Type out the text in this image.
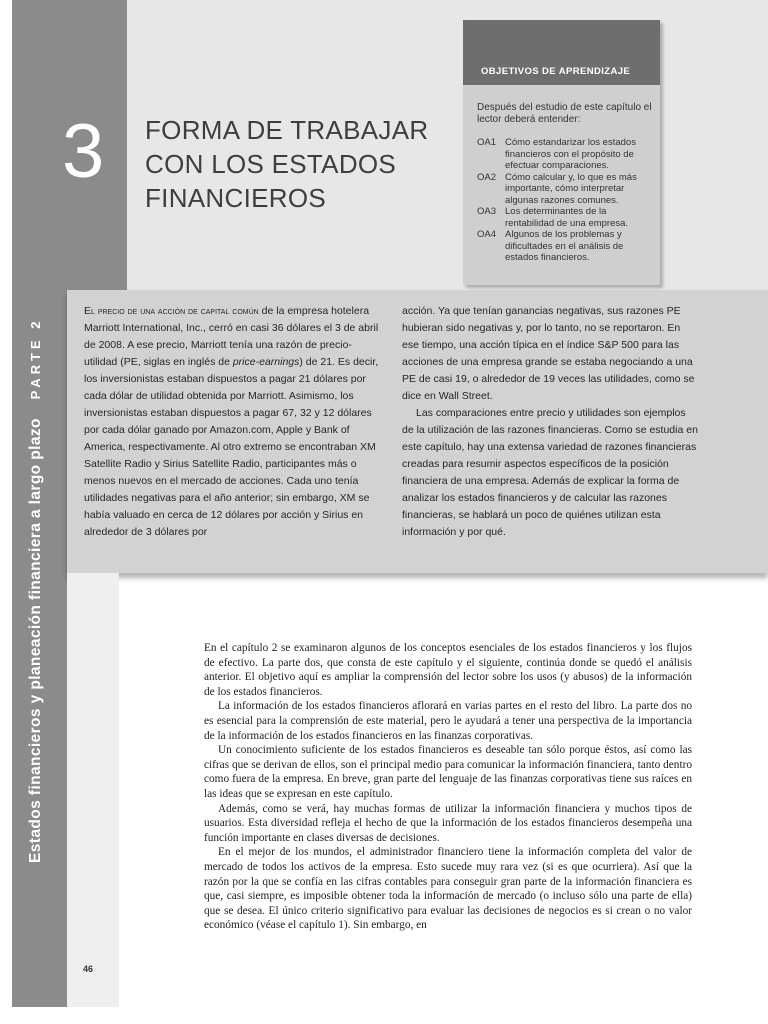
3 FORMA DE TRABAJAR
CON LOS ESTADOS
FINANCIEROS
OBJETIVOS DE APRENDIZAJE
Después del estudio de este capítulo el lector deberá entender:
OA1 Cómo estandarizar los estados financieros con el propósito de efectuar comparaciones.
OA2 Cómo calcular y, lo que es más importante, cómo interpretar algunas razones comunes.
OA3 Los determinantes de la rentabilidad de una empresa.
OA4 Algunos de los problemas y dificultades en el análisis de estados financieros.
Estados financieros y planeación financiera a largo plazo PARTE 2

El precio de una acción de capital común de la empresa hotelera Marriott International, Inc., cerró en casi 36 dólares el 3 de abril de 2008. A ese precio, Marriott tenía una razón de precio-utilidad (PE, siglas en inglés de price-earnings) de 21. Es decir, los inversionistas estaban dispuestos a pagar 21 dólares por cada dólar de utilidad obtenida por Marriott. Asimismo, los inversionistas estaban dispuestos a pagar 67, 32 y 12 dólares por cada dólar ganado por Amazon.com, Apple y Bank of America, respectivamente. Al otro extremo se encontraban XM Satellite Radio y Sirius Satellite Radio, participantes más o menos nuevos en el mercado de acciones. Cada uno tenía utilidades negativas para el año anterior; sin embargo, XM se había valuado en cerca de 12 dólares por acción y Sirius en alrededor de 3 dólares por

acción. Ya que tenían ganancias negativas, sus razones PE hubieran sido negativas y, por lo tanto, no se reportaron. En ese tiempo, una acción típica en el índice S&P 500 para las acciones de una empresa grande se estaba negociando a una PE de casi 19, o alrededor de 19 veces las utilidades, como se dice en Wall Street.

Las comparaciones entre precio y utilidades son ejemplos de la utilización de las razones financieras. Como se estudia en este capítulo, hay una extensa variedad de razones financieras creadas para resumir aspectos específicos de la posición financiera de una empresa. Además de explicar la forma de analizar los estados financieros y de calcular las razones financieras, se hablará un poco de quiénes utilizan esta información y por qué.

En el capítulo 2 se examinaron algunos de los conceptos esenciales de los estados financieros y los flujos de efectivo. La parte dos, que consta de este capítulo y el siguiente, continúa donde se quedó el análisis anterior. El objetivo aquí es ampliar la comprensión del lector sobre los usos (y abusos) de la información de los estados financieros.

La información de los estados financieros aflorará en varias partes en el resto del libro. La parte dos no es esencial para la comprensión de este material, pero le ayudará a tener una perspectiva de la importancia de la información de los estados financieros en las finanzas corporativas.

Un conocimiento suficiente de los estados financieros es deseable tan sólo porque éstos, así como las cifras que se derivan de ellos, son el principal medio para comunicar la información financiera, tanto dentro como fuera de la empresa. En breve, gran parte del lenguaje de las finanzas corporativas tiene sus raíces en las ideas que se expresan en este capítulo.

Además, como se verá, hay muchas formas de utilizar la información financiera y muchos tipos de usuarios. Esta diversidad refleja el hecho de que la información de los estados financieros desempeña una función importante en clases diversas de decisiones.

En el mejor de los mundos, el administrador financiero tiene la información completa del valor de mercado de todos los activos de la empresa. Esto sucede muy rara vez (si es que ocurriera). Así que la razón por la que se confía en las cifras contables para conseguir gran parte de la información financiera es que, casi siempre, es imposible obtener toda la información de mercado (o incluso sólo una parte de ella) que se desea. El único criterio significativo para evaluar las decisiones de negocios es si crean o no valor económico (véase el capítulo 1). Sin embargo, en

46
